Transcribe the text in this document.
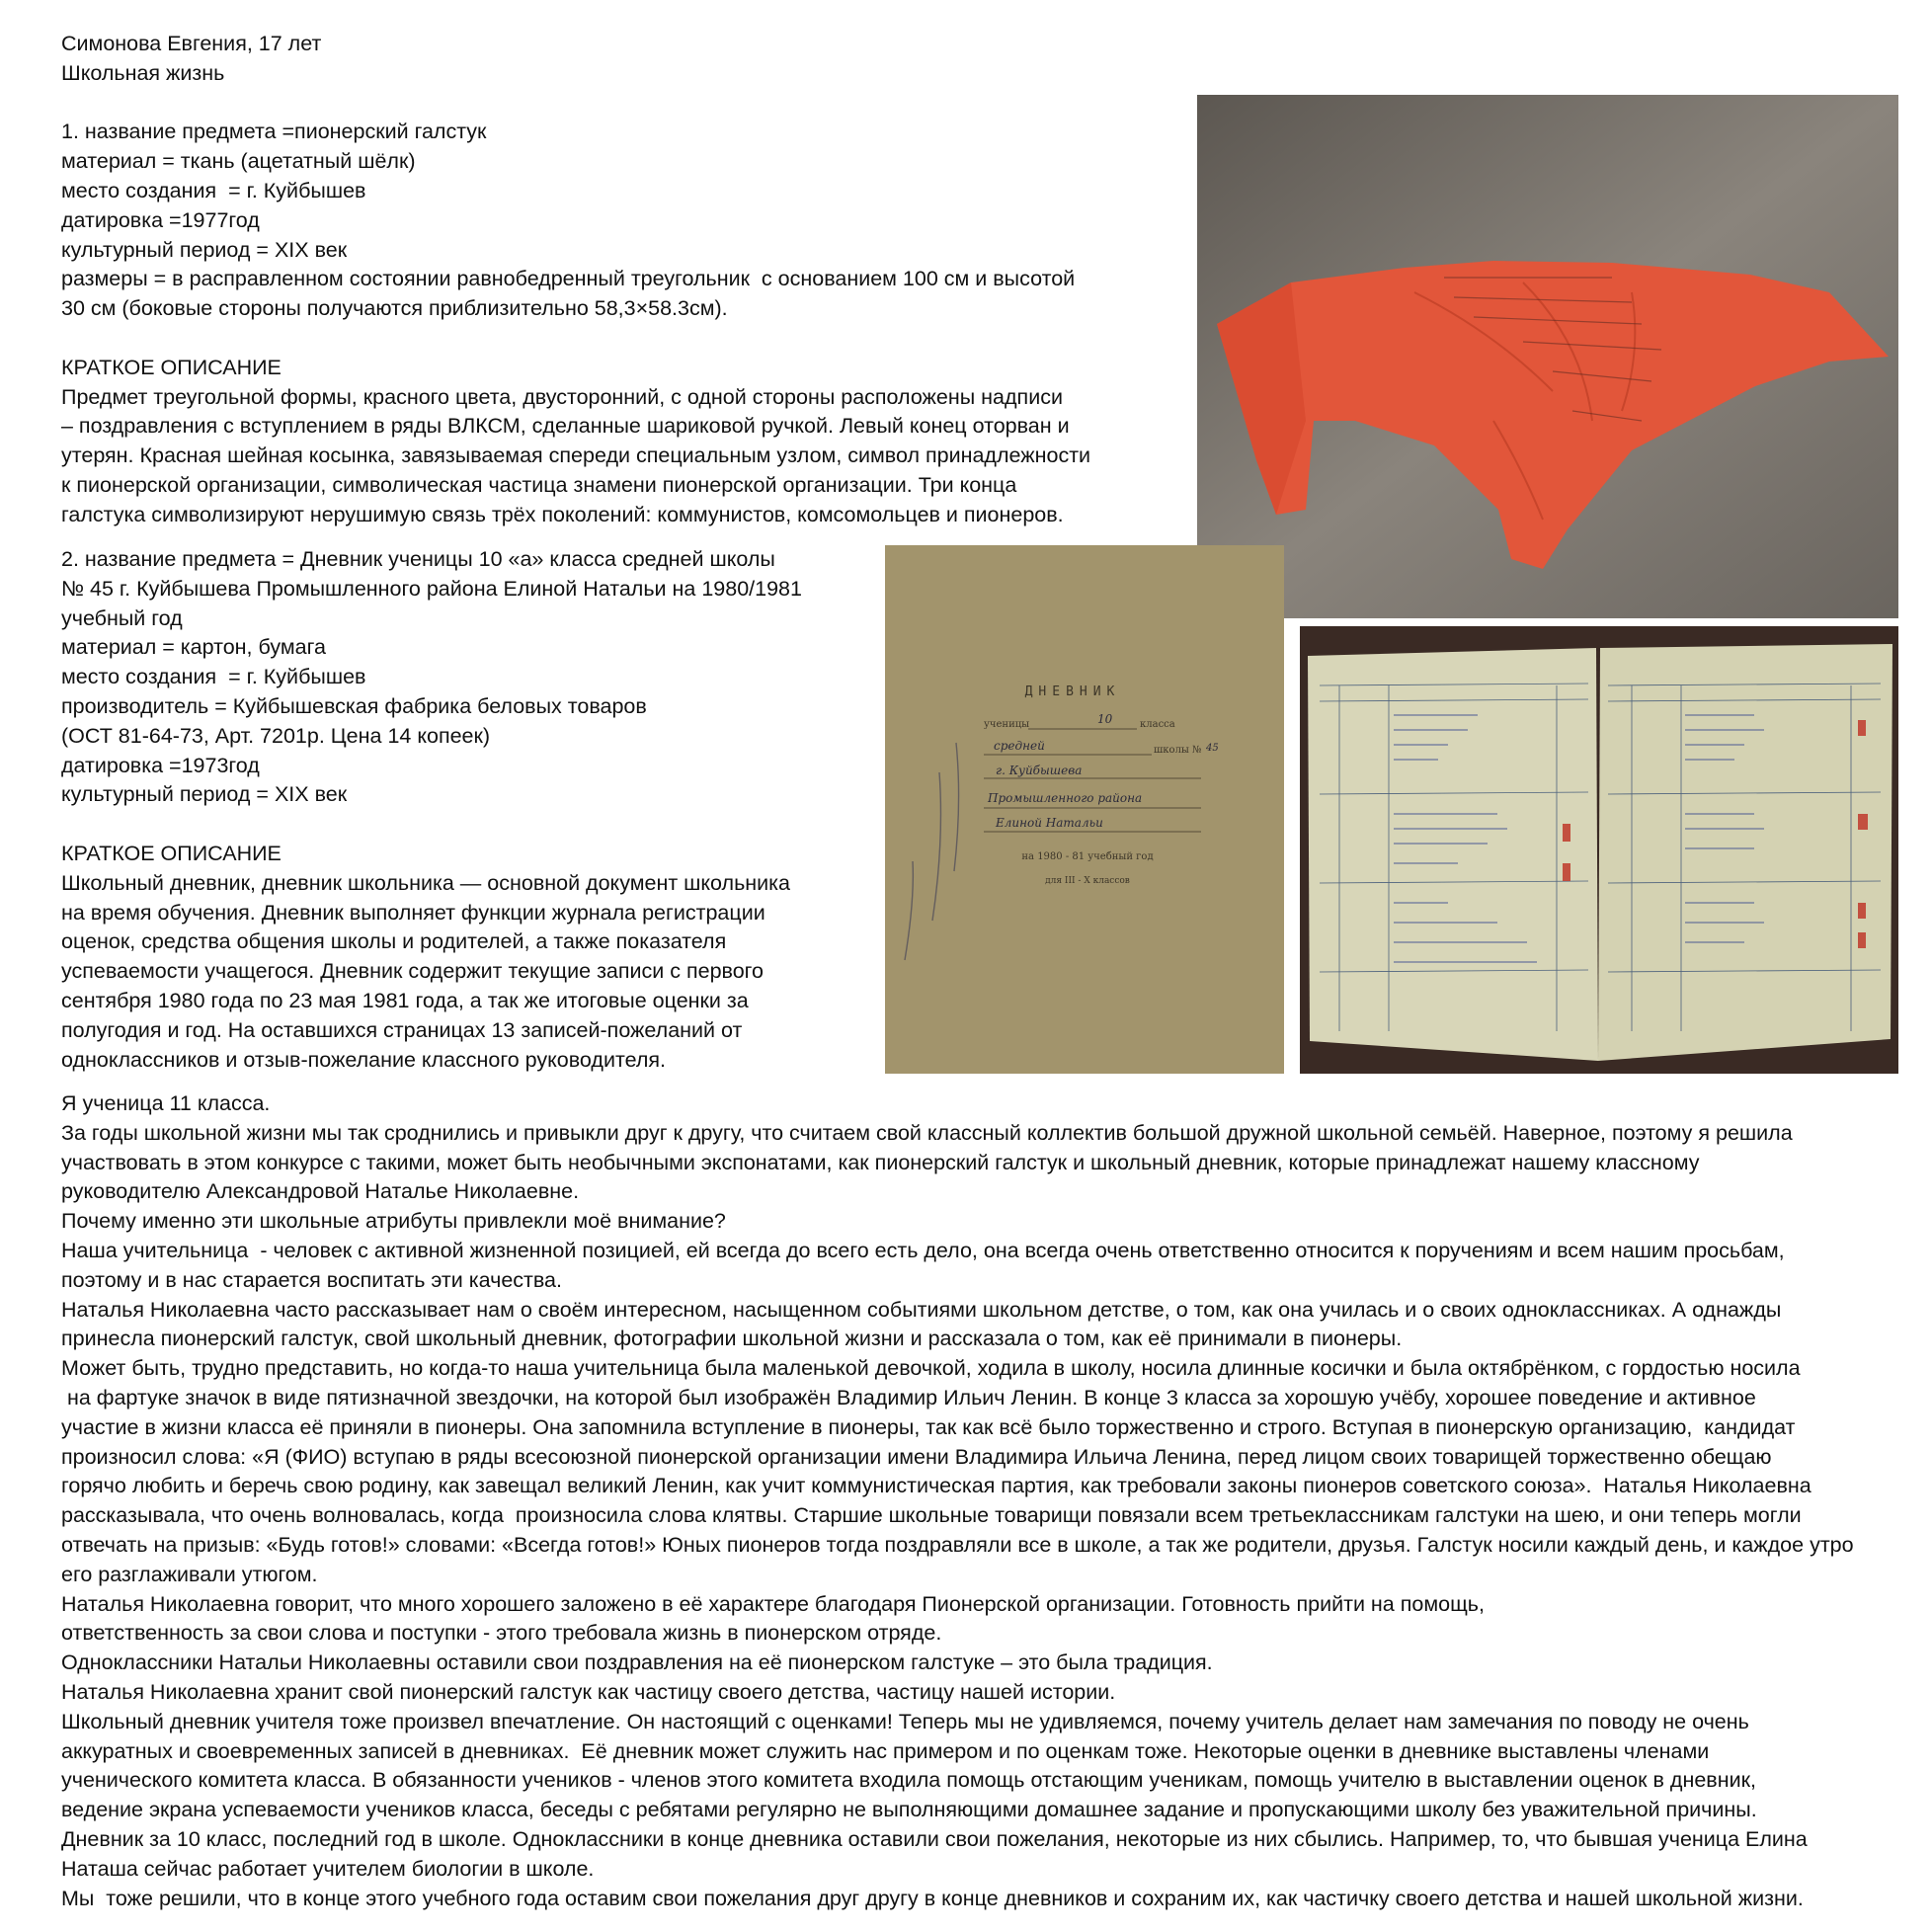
Симонова Евгения, 17 лет

Школьная жизнь

1. название предмета =пионерский галстук

материал = ткань (ацетатный шёлк)

место создания  = г. Куйбышев

датировка =1977год

культурный период = XIX век

размеры = в расправленном состоянии равнобедренный треугольник  с основанием 100 см и высотой

30 см (боковые стороны получаются приблизительно 58,3×58.3см).

КРАТКОЕ ОПИСАНИЕ

Предмет треугольной формы, красного цвета, двусторонний, с одной стороны расположены надписи

– поздравления с вступлением в ряды ВЛКСМ, сделанные шариковой ручкой. Левый конец оторван и

утерян. Красная шейная косынка, завязываемая спереди специальным узлом, символ принадлежности

к пионерской организации, символическая частица знамени пионерской организации. Три конца

галстука символизируют нерушимую связь трёх поколений: коммунистов, комсомольцев и пионеров.

2. название предмета = Дневник ученицы 10 «а» класса средней школы

№ 45 г. Куйбышева Промышленного района Елиной Натальи на 1980/1981

учебный год

материал = картон, бумага

место создания  = г. Куйбышев

производитель = Куйбышевская фабрика беловых товаров

(ОСТ 81-64-73, Арт. 7201р. Цена 14 копеек)

датировка =1973год

культурный период = XIX век

КРАТКОЕ ОПИСАНИЕ

Школьный дневник, дневник школьника — основной документ школьника

на время обучения. Дневник выполняет функции журнала регистрации

оценок, средства общения школы и родителей, а также показателя

успеваемости учащегося. Дневник содержит текущие записи с первого

сентября 1980 года по 23 мая 1981 года, а так же итоговые оценки за

полугодия и год. На оставшихся страницах 13 записей-пожеланий от

одноклассников и отзыв-пожелание классного руководителя.

ДНЕВНИК
ученицы	10	класса
средней	школы № 45
г. Куйбышева
Промышленного района
Елиной Натальи
на 1980 - 81 учебный год
для III - X классов

Я ученица 11 класса.

За годы школьной жизни мы так сроднились и привыкли друг к другу, что считаем свой классный коллектив большой дружной школьной семьёй. Наверное, поэтому я решила

участвовать в этом конкурсе с такими, может быть необычными экспонатами, как пионерский галстук и школьный дневник, которые принадлежат нашему классному

руководителю Александровой Наталье Николаевне.

Почему именно эти школьные атрибуты привлекли моё внимание?

Наша учительница  - человек с активной жизненной позицией, ей всегда до всего есть дело, она всегда очень ответственно относится к поручениям и всем нашим просьбам,

поэтому и в нас старается воспитать эти качества.

Наталья Николаевна часто рассказывает нам о своём интересном, насыщенном событиями школьном детстве, о том, как она училась и о своих одноклассниках. А однажды

принесла пионерский галстук, свой школьный дневник, фотографии школьной жизни и рассказала о том, как её принимали в пионеры.

Может быть, трудно представить, но когда-то наша учительница была маленькой девочкой, ходила в школу, носила длинные косички и была октябрёнком, с гордостью носила

на фартуке значок в виде пятизначной звездочки, на которой был изображён Владимир Ильич Ленин. В конце 3 класса за хорошую учёбу, хорошее поведение и активное

участие в жизни класса её приняли в пионеры. Она запомнила вступление в пионеры, так как всё было торжественно и строго. Вступая в пионерскую организацию,  кандидат

произносил слова: «Я (ФИО) вступаю в ряды всесоюзной пионерской организации имени Владимира Ильича Ленина, перед лицом своих товарищей торжественно обещаю

горячо любить и беречь свою родину, как завещал великий Ленин, как учит коммунистическая партия, как требовали законы пионеров советского союза».  Наталья Николаевна

рассказывала, что очень волновалась, когда  произносила слова клятвы. Старшие школьные товарищи повязали всем третьеклассникам галстуки на шею, и они теперь могли

отвечать на призыв: «Будь готов!» словами: «Всегда готов!» Юных пионеров тогда поздравляли все в школе, а так же родители, друзья. Галстук носили каждый день, и каждое утро

его разглаживали утюгом.

Наталья Николаевна говорит, что много хорошего заложено в её характере благодаря Пионерской организации. Готовность прийти на помощь,

ответственность за свои слова и поступки - этого требовала жизнь в пионерском отряде.

Одноклассники Натальи Николаевны оставили свои поздравления на её пионерском галстуке – это была традиция.

Наталья Николаевна хранит свой пионерский галстук как частицу своего детства, частицу нашей истории.

Школьный дневник учителя тоже произвел впечатление. Он настоящий с оценками! Теперь мы не удивляемся, почему учитель делает нам замечания по поводу не очень

аккуратных и своевременных записей в дневниках.  Её дневник может служить нас примером и по оценкам тоже. Некоторые оценки в дневнике выставлены членами

ученического комитета класса. В обязанности учеников - членов этого комитета входила помощь отстающим ученикам, помощь учителю в выставлении оценок в дневник,

ведение экрана успеваемости учеников класса, беседы с ребятами регулярно не выполняющими домашнее задание и пропускающими школу без уважительной причины.

Дневник за 10 класс, последний год в школе. Одноклассники в конце дневника оставили свои пожелания, некоторые из них сбылись. Например, то, что бывшая ученица Елина

Наташа сейчас работает учителем биологии в школе.

Мы  тоже решили, что в конце этого учебного года оставим свои пожелания друг другу в конце дневников и сохраним их, как частичку своего детства и нашей школьной жизни.
